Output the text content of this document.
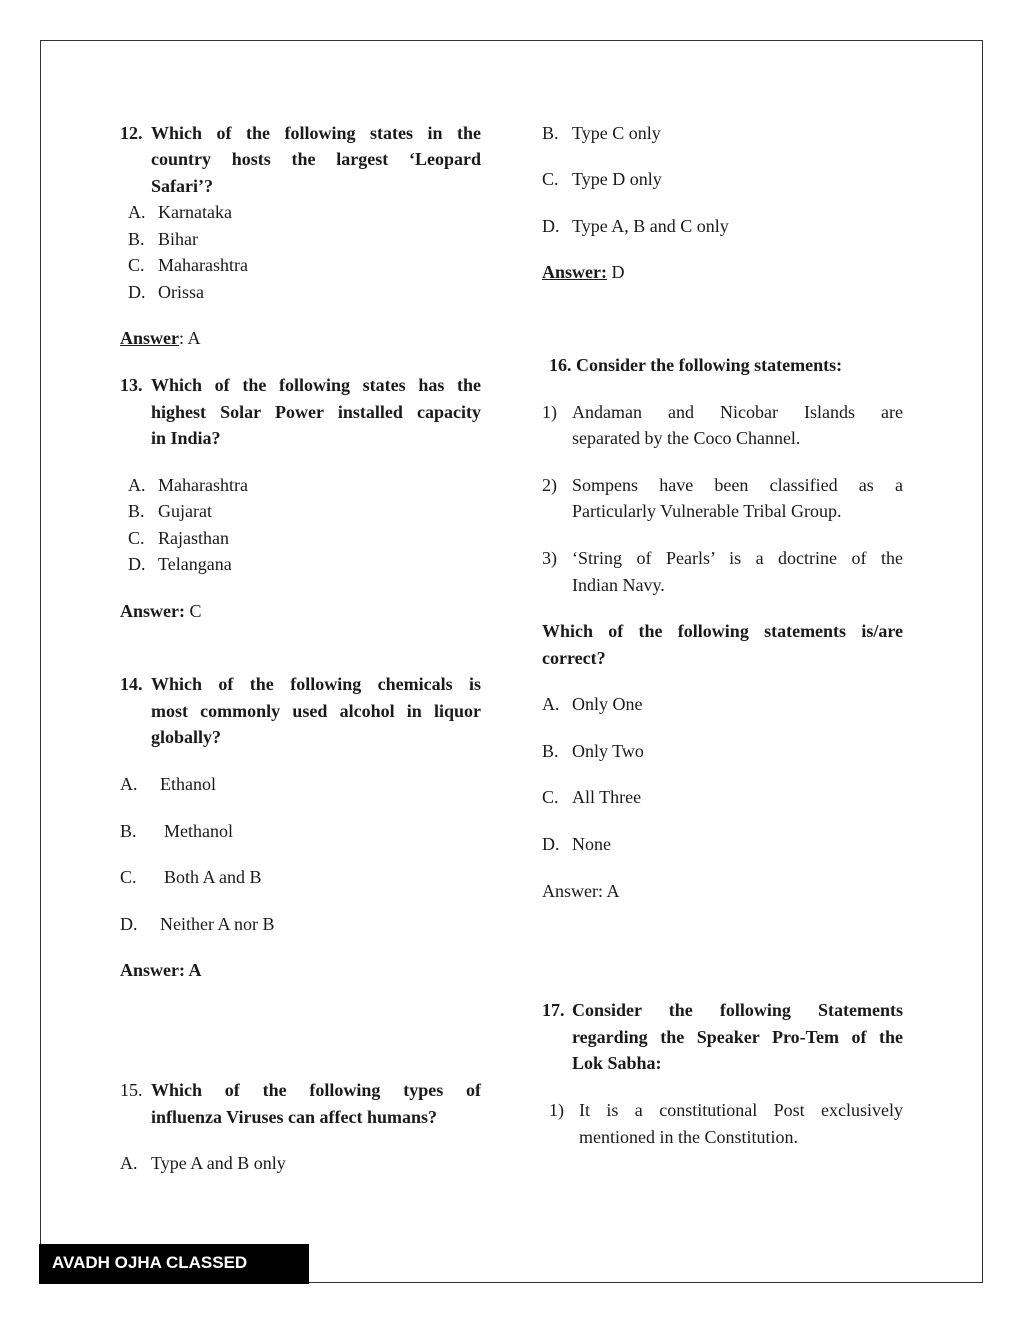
12. Which of the following states in the
country hosts the largest ‘Leopard
Safari’?
A. Karnataka
B. Bihar
C. Maharashtra
D. Orissa
Answer: A
13. Which of the following states has the
highest Solar Power installed capacity
in India?
A. Maharashtra
B. Gujarat
C. Rajasthan
D. Telangana
Answer: C
14. Which of the following chemicals is
most commonly used alcohol in liquor
globally?
A. Ethanol
B. Methanol
C. Both A and B
D. Neither A nor B
Answer: A
15. Which of the following types of
influenza Viruses can affect humans?
A. Type A and B only
B. Type C only
C. Type D only
D. Type A, B and C only
Answer: D
16. Consider the following statements:
1) Andaman and Nicobar Islands are
separated by the Coco Channel.
2) Sompens have been classified as a
Particularly Vulnerable Tribal Group.
3) ‘String of Pearls’ is a doctrine of the
Indian Navy.
Which of the following statements is/are
correct?
A. Only One
B. Only Two
C. All Three
D. None
Answer: A
17. Consider the following Statements
regarding the Speaker Pro-Tem of the
Lok Sabha:
1) It is a constitutional Post exclusively
mentioned in the Constitution.
AVADH OJHA CLASSED
